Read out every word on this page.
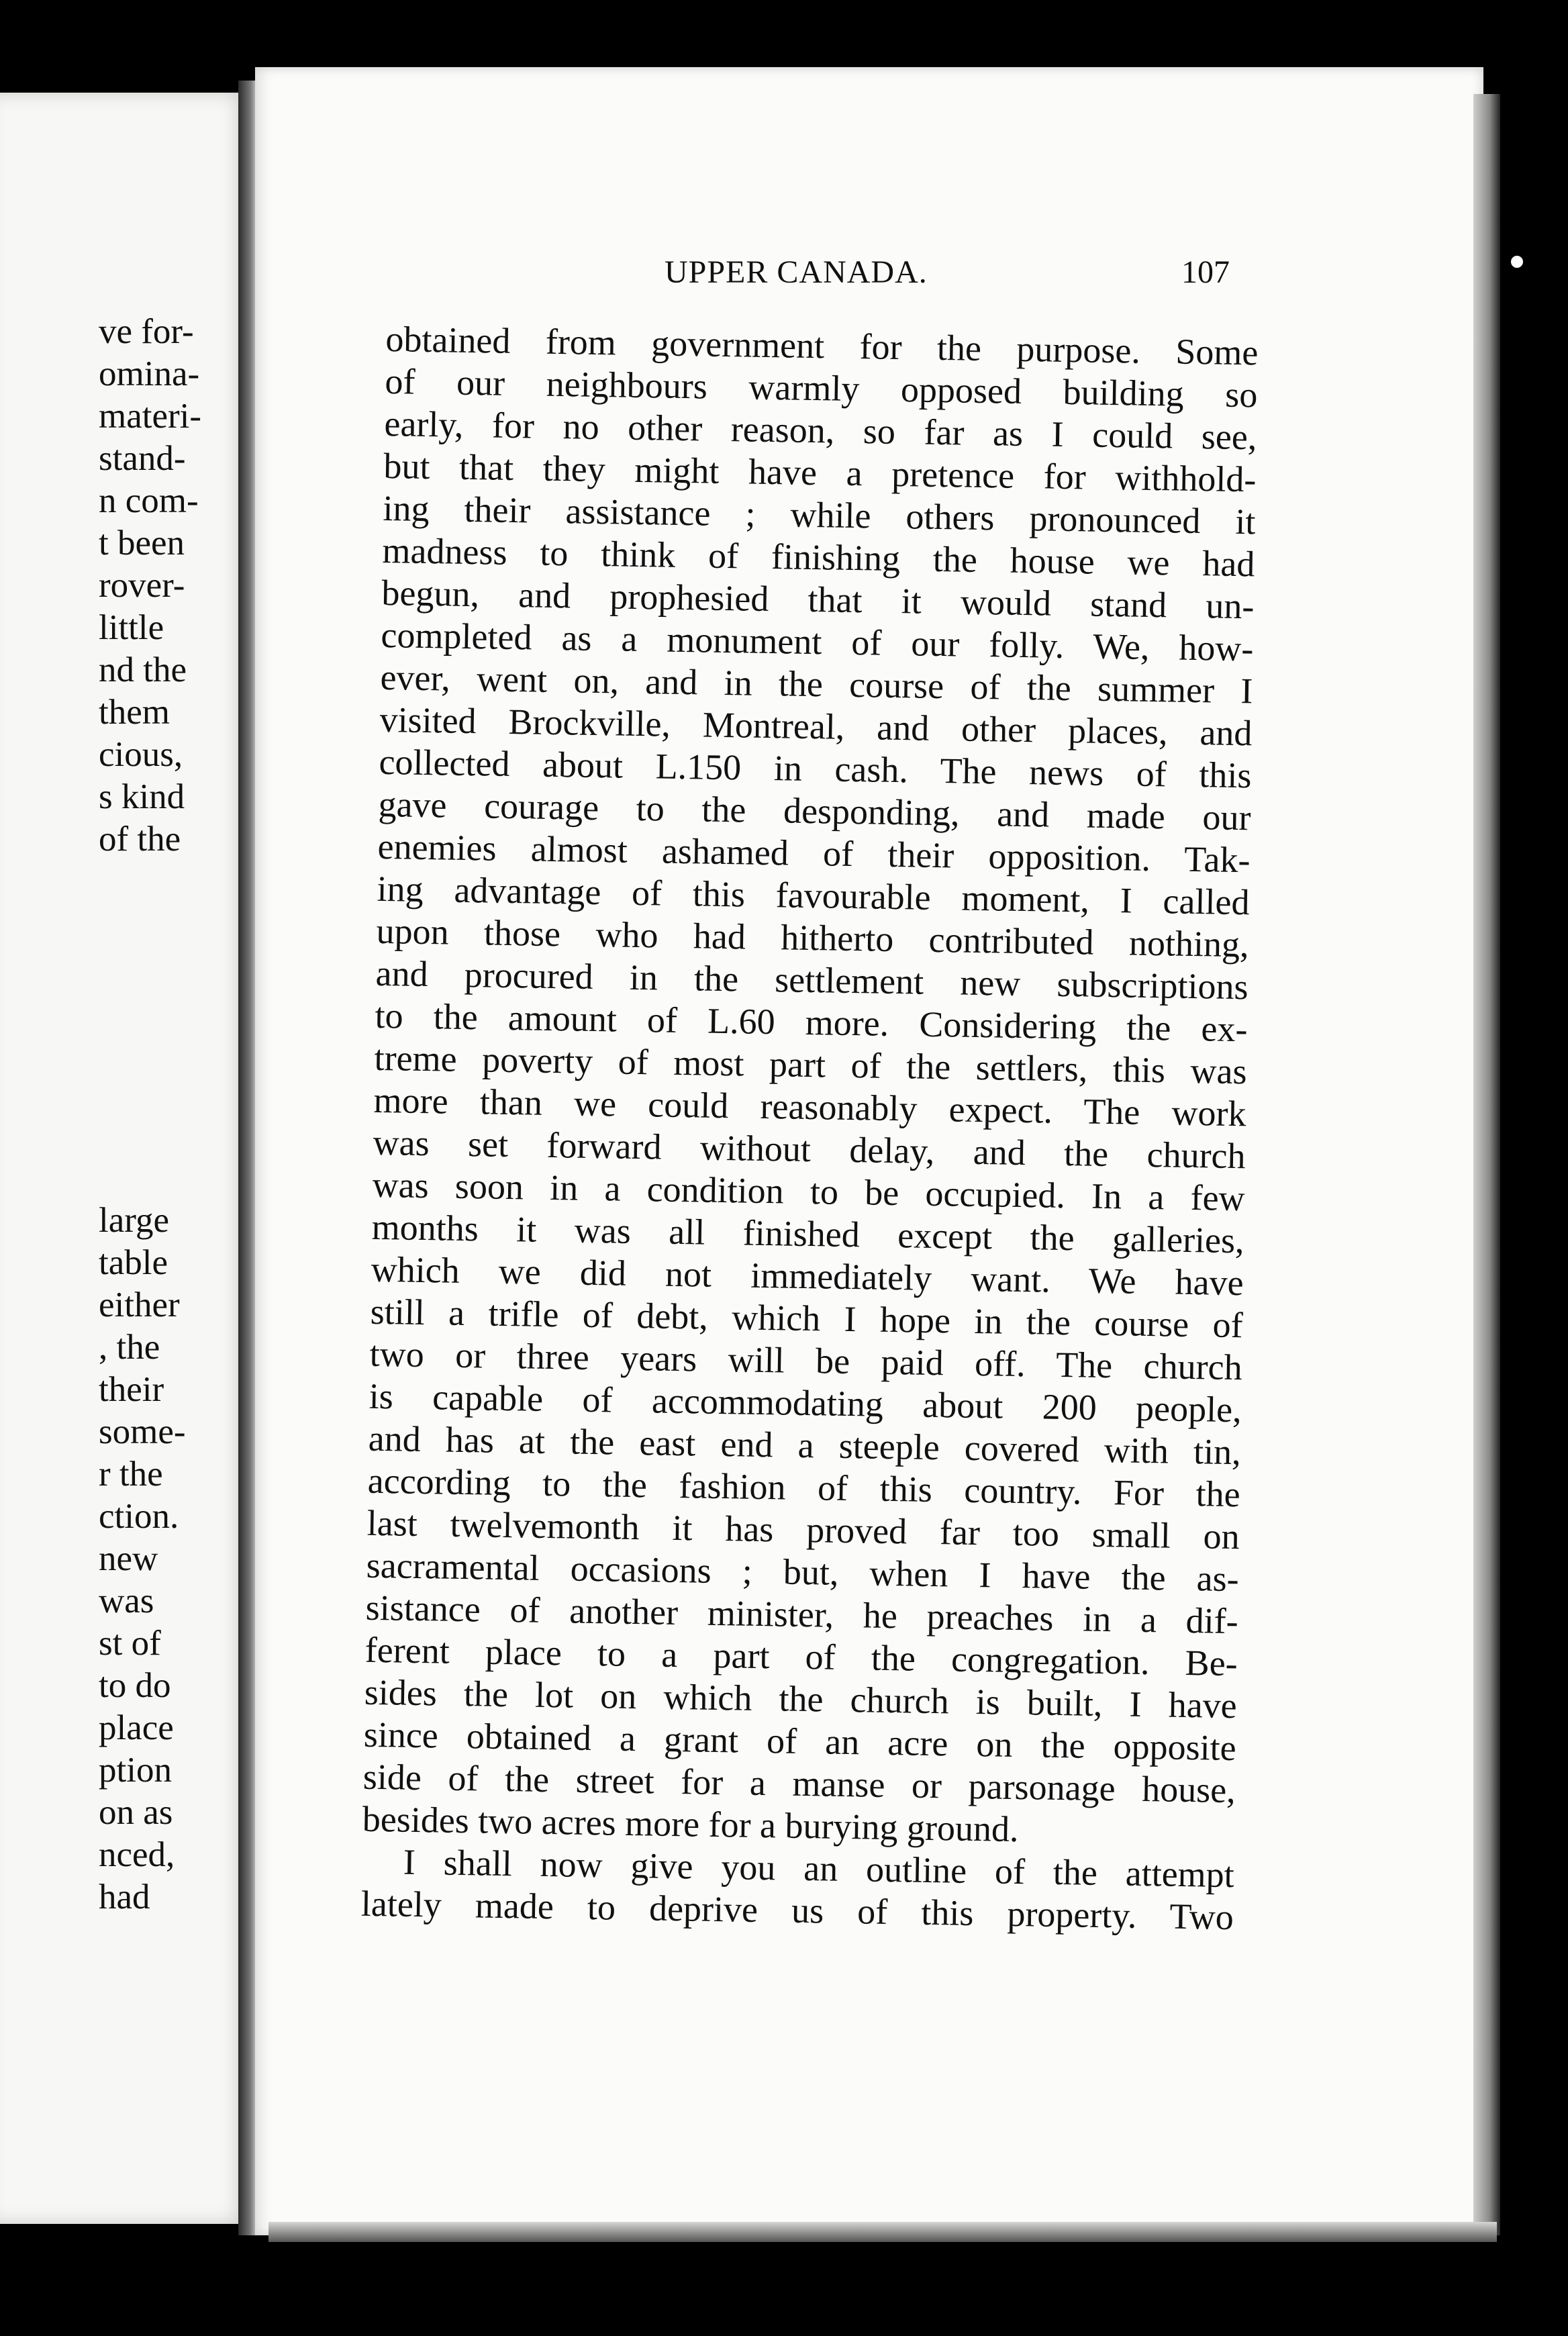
ve for-
omina-
materi-
stand-
n com-
t been
rover-
little
nd the
them
cious,
s kind
of the
large
table
either
, the
their
some-
r the
ction.
new
was
st of
to do
place
ption
on as
nced,
had
UPPER CANADA.	107
obtained from government for the purpose. Some
of our neighbours warmly opposed building so
early, for no other reason, so far as I could see,
but that they might have a pretence for withhold-
ing their assistance ; while others pronounced it
madness to think of finishing the house we had
begun, and prophesied that it would stand un-
completed as a monument of our folly. We, how-
ever, went on, and in the course of the summer I
visited Brockville, Montreal, and other places, and
collected about L.150 in cash. The news of this
gave courage to the desponding, and made our
enemies almost ashamed of their opposition. Tak-
ing advantage of this favourable moment, I called
upon those who had hitherto contributed nothing,
and procured in the settlement new subscriptions
to the amount of L.60 more. Considering the ex-
treme poverty of most part of the settlers, this was
more than we could reasonably expect. The work
was set forward without delay, and the church
was soon in a condition to be occupied. In a few
months it was all finished except the galleries,
which we did not immediately want. We have
still a trifle of debt, which I hope in the course of
two or three years will be paid off. The church
is capable of accommodating about 200 people,
and has at the east end a steeple covered with tin,
according to the fashion of this country. For the
last twelvemonth it has proved far too small on
sacramental occasions ; but, when I have the as-
sistance of another minister, he preaches in a dif-
ferent place to a part of the congregation. Be-
sides the lot on which the church is built, I have
since obtained a grant of an acre on the opposite
side of the street for a manse or parsonage house,
besides two acres more for a burying ground.
I shall now give you an outline of the attempt
lately made to deprive us of this property. Two
